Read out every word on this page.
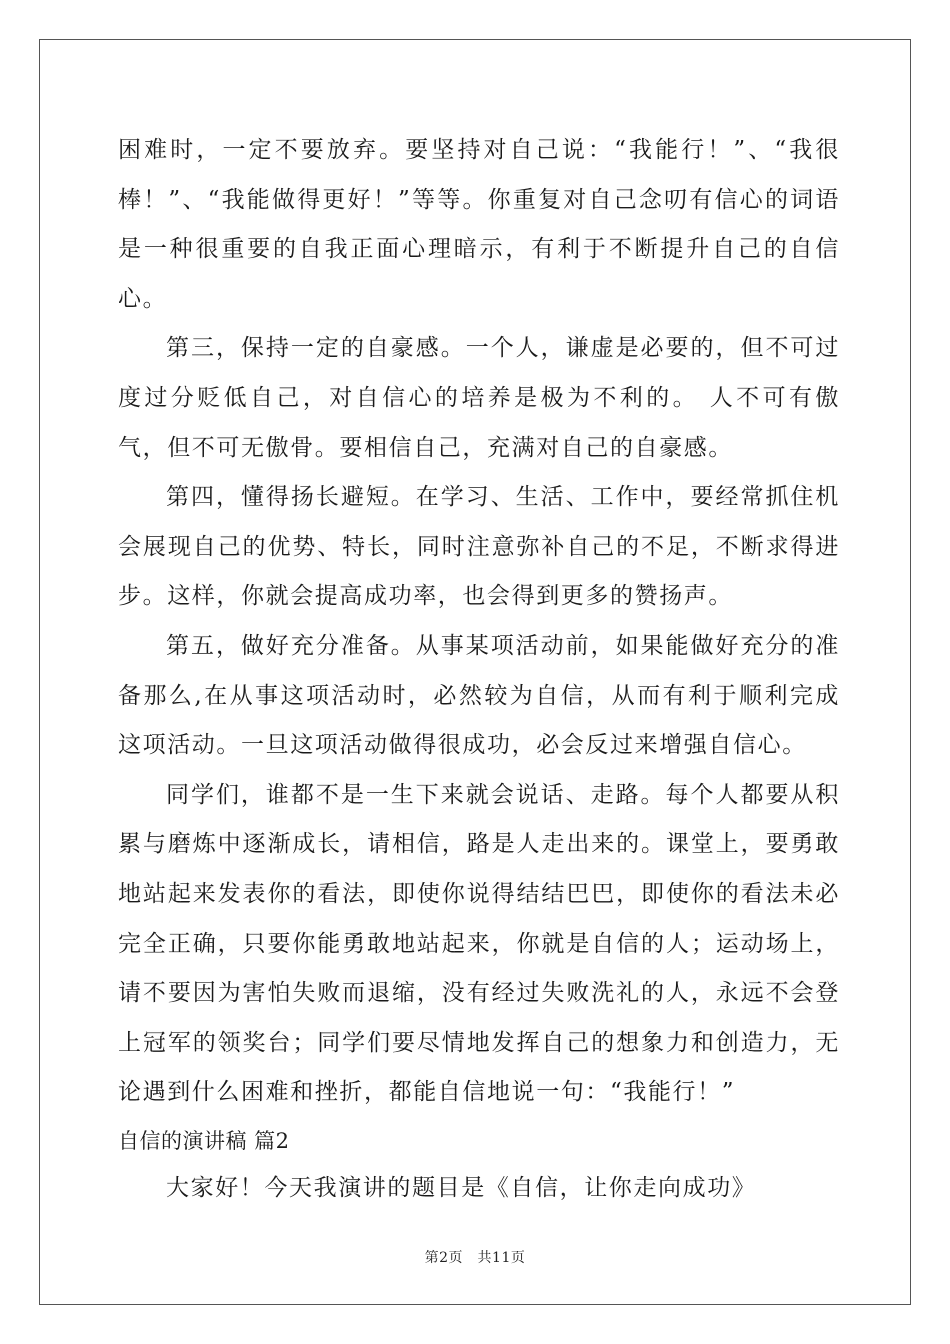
困难时，一定不要放弃。要坚持对自己说：“我能行！”、“我很棒！”、“我能做得更好！”等等。你重复对自己念叨有信心的词语是一种很重要的自我正面心理暗示，有利于不断提升自己的自信心。

第三，保持一定的自豪感。一个人，谦虚是必要的，但不可过度过分贬低自己，对自信心的培养是极为不利的。 人不可有傲气，但不可无傲骨。要相信自己，充满对自己的自豪感。

第四，懂得扬长避短。在学习、生活、工作中，要经常抓住机会展现自己的优势、特长，同时注意弥补自己的不足，不断求得进步。这样，你就会提高成功率，也会得到更多的赞扬声。

第五，做好充分准备。从事某项活动前，如果能做好充分的准备那么,在从事这项活动时，必然较为自信，从而有利于顺利完成这项活动。一旦这项活动做得很成功，必会反过来增强自信心。

同学们，谁都不是一生下来就会说话、走路。每个人都要从积累与磨炼中逐渐成长，请相信，路是人走出来的。课堂上，要勇敢地站起来发表你的看法，即使你说得结结巴巴，即使你的看法未必完全正确，只要你能勇敢地站起来，你就是自信的人；运动场上，请不要因为害怕失败而退缩，没有经过失败洗礼的人，永远不会登上冠军的领奖台；同学们要尽情地发挥自己的想象力和创造力，无论遇到什么困难和挫折，都能自信地说一句：“我能行！”

自信的演讲稿 篇2

大家好！今天我演讲的题目是《自信，让你走向成功》

第2页　共11页
